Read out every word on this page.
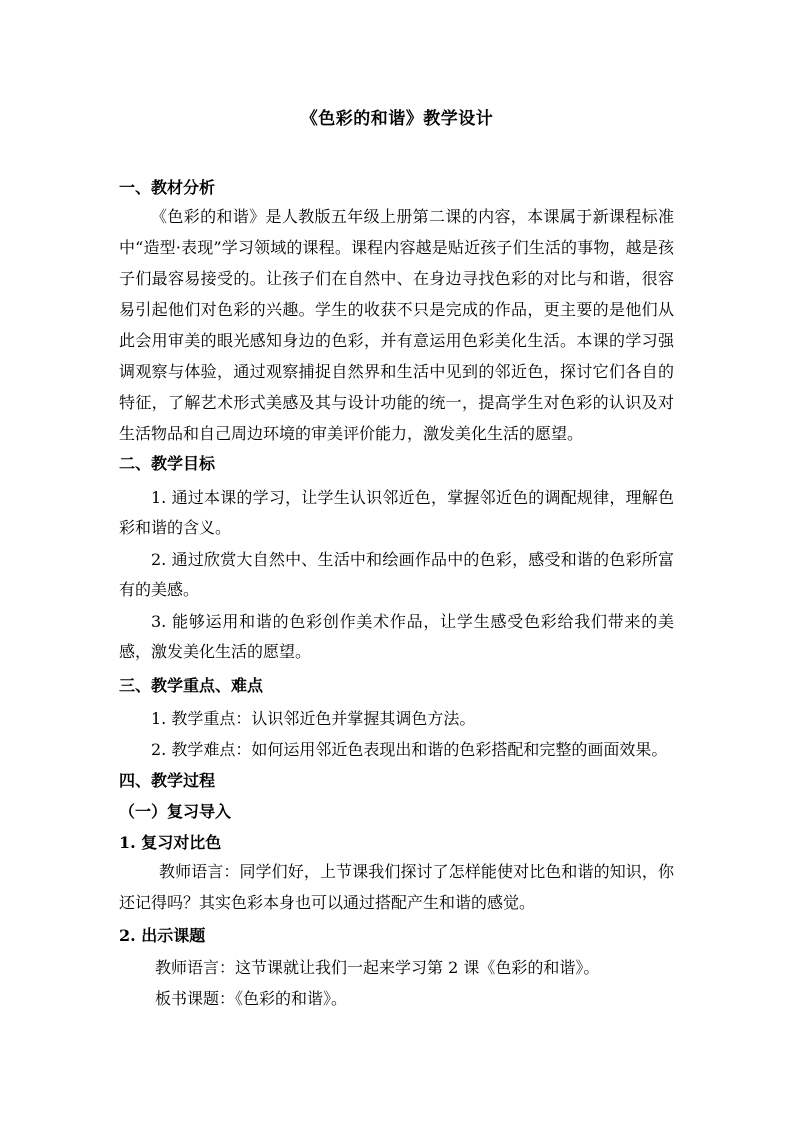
《色彩的和谐》教学设计
一、教材分析
《色彩的和谐》是人教版五年级上册第二课的内容，本课属于新课程标准中“造型·表现”学习领域的课程。课程内容越是贴近孩子们生活的事物，越是孩子们最容易接受的。让孩子们在自然中、在身边寻找色彩的对比与和谐，很容易引起他们对色彩的兴趣。学生的收获不只是完成的作品，更主要的是他们从此会用审美的眼光感知身边的色彩，并有意运用色彩美化生活。本课的学习强调观察与体验，通过观察捕捉自然界和生活中见到的邻近色，探讨它们各自的特征，了解艺术形式美感及其与设计功能的统一，提高学生对色彩的认识及对生活物品和自己周边环境的审美评价能力，激发美化生活的愿望。
二、教学目标
1. 通过本课的学习，让学生认识邻近色，掌握邻近色的调配规律，理解色彩和谐的含义。
2. 通过欣赏大自然中、生活中和绘画作品中的色彩，感受和谐的色彩所富有的美感。
3. 能够运用和谐的色彩创作美术作品，让学生感受色彩给我们带来的美感，激发美化生活的愿望。
三、教学重点、难点
1. 教学重点：认识邻近色并掌握其调色方法。
2. 教学难点：如何运用邻近色表现出和谐的色彩搭配和完整的画面效果。
四、教学过程
（一）复习导入
1. 复习对比色
教师语言：同学们好，上节课我们探讨了怎样能使对比色和谐的知识，你还记得吗？其实色彩本身也可以通过搭配产生和谐的感觉。
2. 出示课题
教师语言：这节课就让我们一起来学习第 2 课《色彩的和谐》。
板书课题：《色彩的和谐》。
